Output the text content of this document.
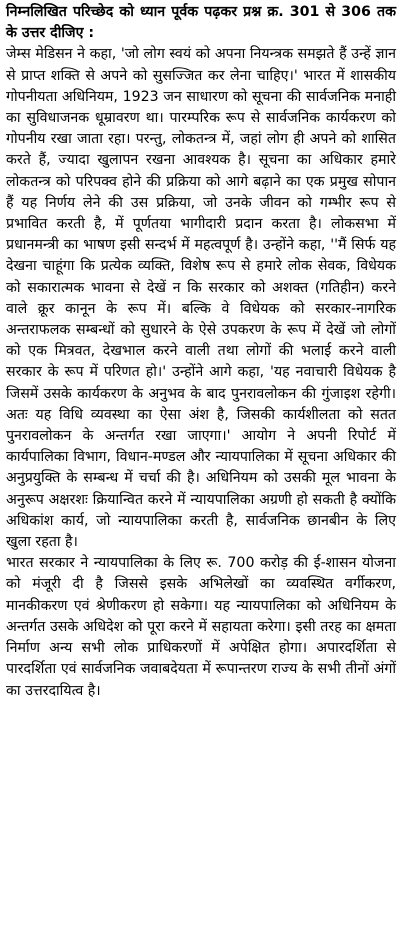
निम्नलिखित परिच्छेद को ध्यान पूर्वक पढ़कर प्रश्न क्र. 301 से 306 तक के उत्तर दीजिए :

जेम्स मेडिसन ने कहा, 'जो लोग स्वयं को अपना नियन्त्रक समझते हैं उन्हें ज्ञान से प्राप्त शक्ति से अपने को सुसज्जित कर लेना चाहिए।' भारत में शासकीय गोपनीयता अधिनियम, 1923 जन साधारण को सूचना की सार्वजनिक मनाही का सुविधाजनक धूम्रावरण था। पारम्परिक रूप से सार्वजनिक कार्यकरण को गोपनीय रखा जाता रहा। परन्तु, लोकतन्त्र में, जहां लोग ही अपने को शासित करते हैं, ज्यादा खुलापन रखना आवश्यक है। सूचना का अधिकार हमारे लोकतन्त्र को परिपक्व होने की प्रक्रिया को आगे बढ़ाने का एक प्रमुख सोपान हैं यह निर्णय लेने की उस प्रक्रिया, जो उनके जीवन को गम्भीर रूप से प्रभावित करती है, में पूर्णतया भागीदारी प्रदान करता है। लोकसभा में प्रधानमन्त्री का भाषण इसी सन्दर्भ में महत्वपूर्ण है। उन्होंने कहा, ''मैं सिर्फ यह देखना चाहूंगा कि प्रत्येक व्यक्ति, विशेष रूप से हमारे लोक सेवक, विधेयक को सकारात्मक भावना से देखें न कि सरकार को अशक्त (गतिहीन) करने वाले क्रूर कानून के रूप में। बल्कि वे विधेयक को सरकार-नागरिक अन्तराफलक सम्बन्धों को सुधारने के ऐसे उपकरण के रूप में देखें जो लोगों को एक मित्रवत, देखभाल करने वाली तथा लोगों की भलाई करने वाली सरकार के रूप में परिणत हो।' उन्होंने आगे कहा, 'यह नवाचारी विधेयक है जिसमें उसके कार्यकरण के अनुभव के बाद पुनरावलोकन की गुंजाइश रहेगी। अतः यह विधि व्यवस्था का ऐसा अंश है, जिसकी कार्यशीलता को सतत पुनरावलोकन के अन्तर्गत रखा जाएगा।' आयोग ने अपनी रिपोर्ट में कार्यपालिका विभाग, विधान-मण्डल और न्यायपालिका में सूचना अधिकार की अनुप्रयुक्ति के सम्बन्ध में चर्चा की है। अधिनियम को उसकी मूल भावना के अनुरूप अक्षरशः क्रियान्वित करने में न्यायपालिका अग्रणी हो सकती है क्योंकि अधिकांश कार्य, जो न्यायपालिका करती है, सार्वजनिक छानबीन के लिए खुला रहता है।

भारत सरकार ने न्यायपालिका के लिए रू. 700 करोड़ की ई-शासन योजना को मंजूरी दी है जिससे इसके अभिलेखों का व्यवस्थित वर्गीकरण, मानकीकरण एवं श्रेणीकरण हो सकेगा। यह न्यायपालिका को अधिनियम के अन्तर्गत उसके अधिदेश को पूरा करने में सहायता करेगा। इसी तरह का क्षमता निर्माण अन्य सभी लोक प्राधिकरणों में अपेक्षित होगा। अपारदर्शिता से पारदर्शिता एवं सार्वजनिक जवाबदेयता में रूपान्तरण राज्य के सभी तीनों अंगों का उत्तरदायित्व है।
